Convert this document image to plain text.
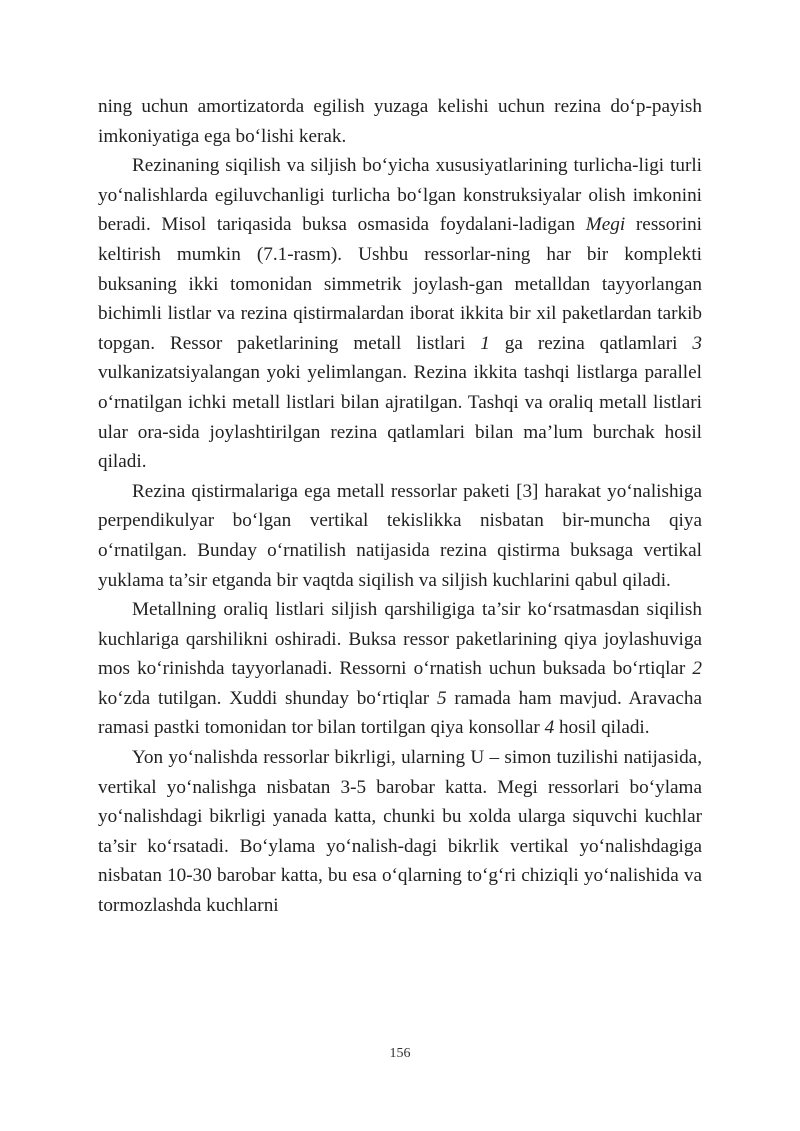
ning uchun amortizatorda egilish yuzaga kelishi uchun rezina do‘p-payish imkoniyatiga ega bo‘lishi kerak.

Rezinaning siqilish va siljish bo‘yicha xususiyatlarining turlicha-ligi turli yo‘nalishlarda egiluvchanligi turlicha bo‘lgan konstruksiyalar olish imkonini beradi. Misol tariqasida buksa osmasida foydalani-ladigan Megi ressorini keltirish mumkin (7.1-rasm). Ushbu ressorlar-ning har bir komplekti buksaning ikki tomonidan simmetrik joylash-gan metalldan tayyorlangan bichimli listlar va rezina qistirmalardan iborat ikkita bir xil paketlardan tarkib topgan. Ressor paketlarining metall listlari 1 ga rezina qatlamlari 3 vulkanizatsiyalangan yoki yelimlangan. Rezina ikkita tashqi listlarga parallel o‘rnatilgan ichki metall listlari bilan ajratilgan. Tashqi va oraliq metall listlari ular ora-sida joylashtirilgan rezina qatlamlari bilan ma’lum burchak hosil qiladi.

Rezina qistirmalariga ega metall ressorlar paketi [3] harakat yo‘nalishiga perpendikulyar bo‘lgan vertikal tekislikka nisbatan bir-muncha qiya o‘rnatilgan. Bunday o‘rnatilish natijasida rezina qistirma buksaga vertikal yuklama ta’sir etganda bir vaqtda siqilish va siljish kuchlarini qabul qiladi.

Metallning oraliq listlari siljish qarshiligiga ta’sir ko‘rsatmasdan siqilish kuchlariga qarshilikni oshiradi. Buksa ressor paketlarining qiya joylashuviga mos ko‘rinishda tayyorlanadi. Ressorni o‘rnatish uchun buksada bo‘rtiqlar 2 ko‘zda tutilgan. Xuddi shunday bo‘rtiqlar 5 ramada ham mavjud. Aravacha ramasi pastki tomonidan tor bilan tortilgan qiya konsollar 4 hosil qiladi.

Yon yo‘nalishda ressorlar bikrligi, ularning U – simon tuzilishi natijasida, vertikal yo‘nalishga nisbatan 3-5 barobar katta. Megi ressorlari bo‘ylama yo‘nalishdagi bikrligi yanada katta, chunki bu xolda ularga siquvchi kuchlar ta’sir ko‘rsatadi. Bo‘ylama yo‘nalish-dagi bikrlik vertikal yo‘nalishdagiga nisbatan 10-30 barobar katta, bu esa o‘qlarning to‘g‘ri chiziqli yo‘nalishida va tormozlashda kuchlarni

156
